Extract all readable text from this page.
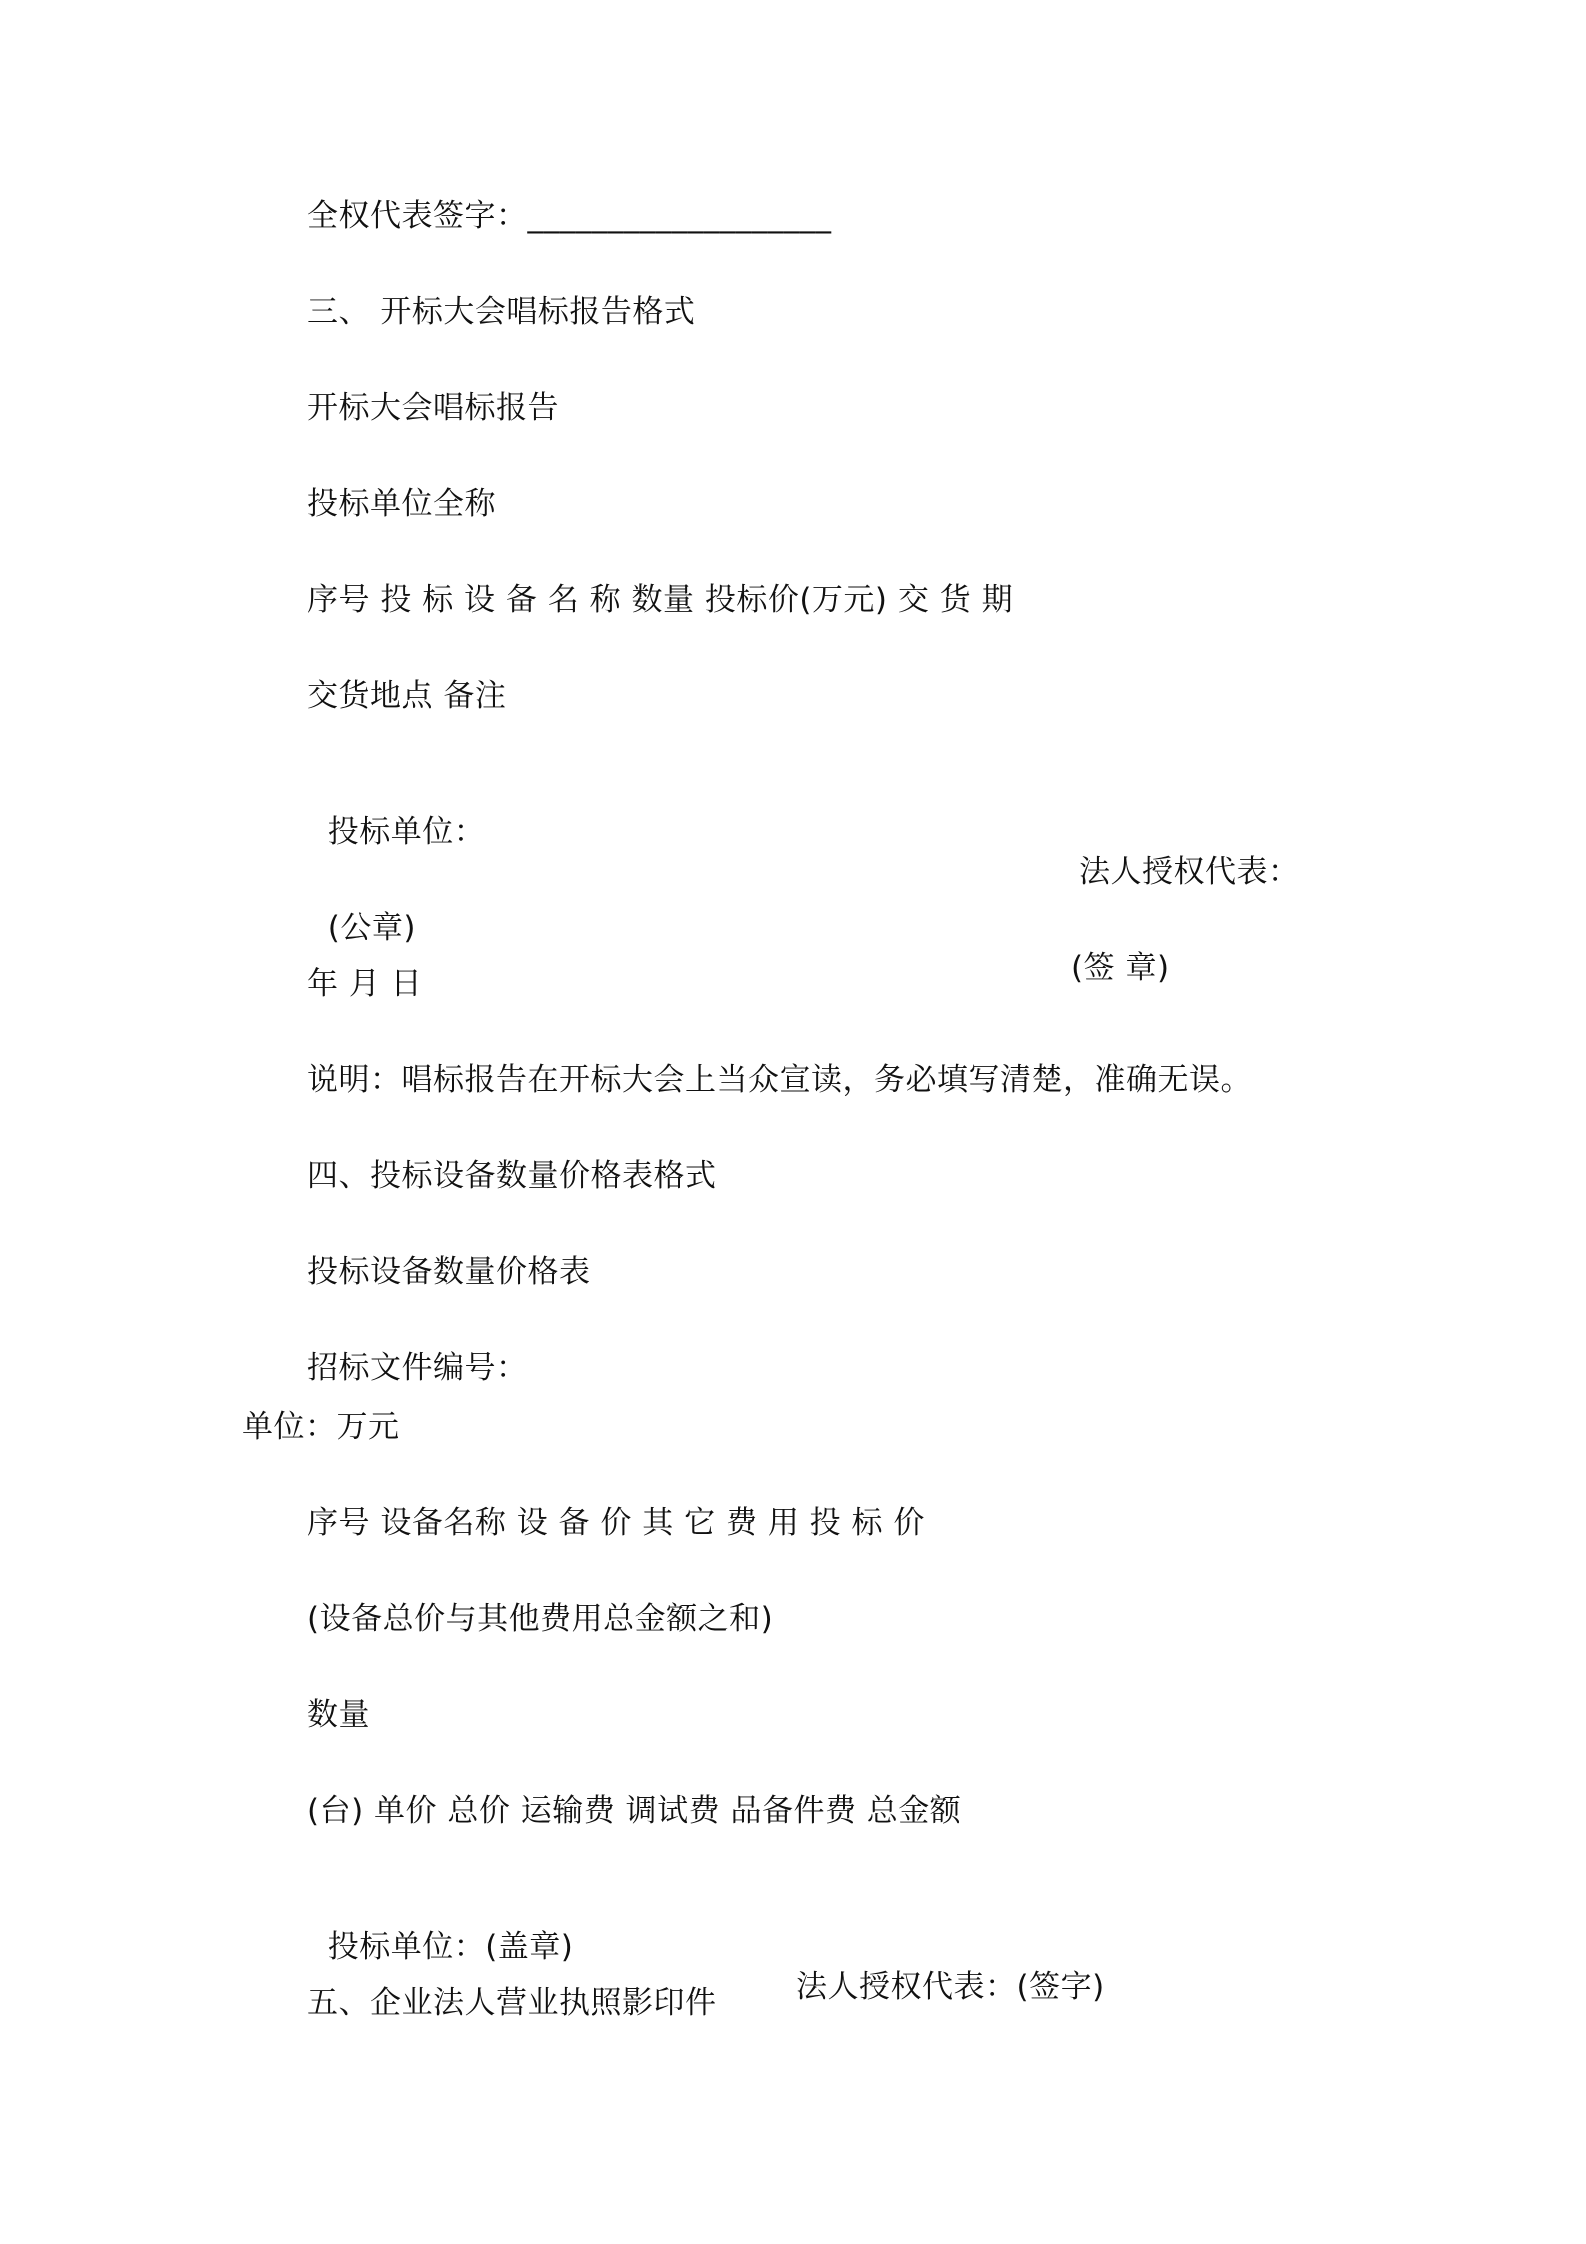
全权代表签字：___________________
三、 开标大会唱标报告格式
开标大会唱标报告
投标单位全称
序号 投 标 设 备 名 称 数量 投标价(万元) 交 货 期
交货地点 备注

投标单位：

法人授权代表：

(公章)

(签 章)

年 月 日
说明：唱标报告在开标大会上当众宣读，务必填写清楚，准确无误。
四、投标设备数量价格表格式
投标设备数量价格表
招标文件编号：
单位：万元
序号 设备名称 设 备 价 其 它 费 用 投 标 价
(设备总价与其他费用总金额之和)
数量
(台) 单价 总价 运输费 调试费 品备件费 总金额

投标单位：(盖章)

法人授权代表：(签字)

五、企业法人营业执照影印件
